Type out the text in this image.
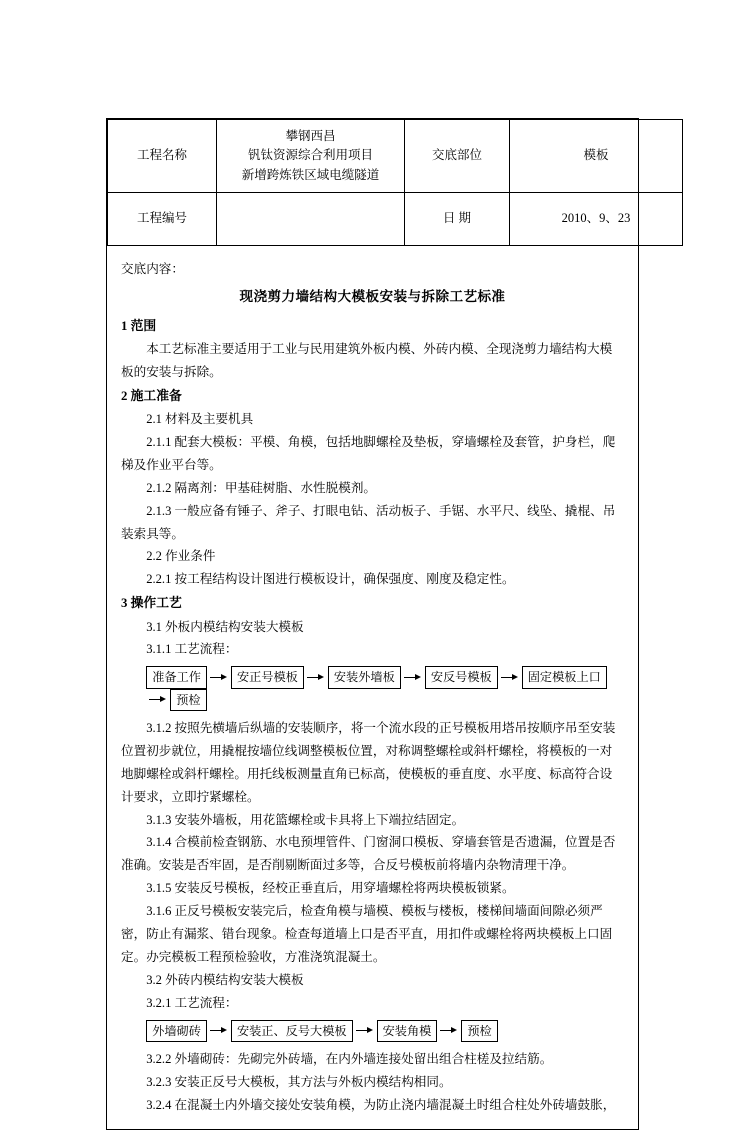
工程名称	攀钢西昌
钒钛资源综合利用项目
新增跨炼铁区域电缆隧道	交底部位	模板
工程编号		日 期	2010、9、23
交底内容：
现浇剪力墙结构大模板安装与拆除工艺标准
1 范围

本工艺标准主要适用于工业与民用建筑外板内模、外砖内模、全现浇剪力墙结构大模板的安装与拆除。

2 施工准备

2.1 材料及主要机具

2.1.1 配套大模板：平模、角模，包括地脚螺栓及垫板，穿墙螺栓及套管，护身栏，爬梯及作业平台等。

2.1.2 隔离剂：甲基硅树脂、水性脱模剂。

2.1.3 一般应备有锤子、斧子、打眼电钻、活动板子、手锯、水平尺、线坠、撬棍、吊装索具等。

2.2 作业条件

2.2.1 按工程结构设计图进行模板设计，确保强度、刚度及稳定性。

3 操作工艺

3.1 外板内模结构安装大模板

3.1.1 工艺流程：

准备工作	安正号模板	安装外墙板	安反号模板	固定模板上口
预检

3.1.2 按照先横墙后纵墙的安装顺序，将一个流水段的正号模板用塔吊按顺序吊至安装位置初步就位，用撬棍按墙位线调整模板位置，对称调整螺栓或斜杆螺栓，将模板的一对地脚螺栓或斜杆螺栓。用托线板测量直角已标高，使模板的垂直度、水平度、标高符合设计要求，立即拧紧螺栓。

3.1.3 安装外墙板，用花篮螺栓或卡具将上下端拉结固定。

3.1.4 合模前检查钢筋、水电预埋管件、门窗洞口模板、穿墙套管是否遗漏，位置是否准确。安装是否牢固，是否削剔断面过多等，合反号模板前将墙内杂物清理干净。

3.1.5 安装反号模板，经校正垂直后，用穿墙螺栓将两块模板锁紧。

3.1.6 正反号模板安装完后，检查角模与墙模、模板与楼板，楼梯间墙面间隙必须严密，防止有漏浆、错台现象。检查每道墙上口是否平直，用扣件或螺栓将两块模板上口固定。办完模板工程预检验收，方准浇筑混凝土。

3.2 外砖内模结构安装大模板

3.2.1 工艺流程：

外墙砌砖	安装正、反号大模板	安装角模	预检

3.2.2 外墙砌砖：先砌完外砖墙，在内外墙连接处留出组合柱槎及拉结筋。

3.2.3 安装正反号大模板，其方法与外板内模结构相同。

3.2.4 在混凝土内外墙交接处安装角模，为防止浇内墙混凝土时组合柱处外砖墙鼓胀，
